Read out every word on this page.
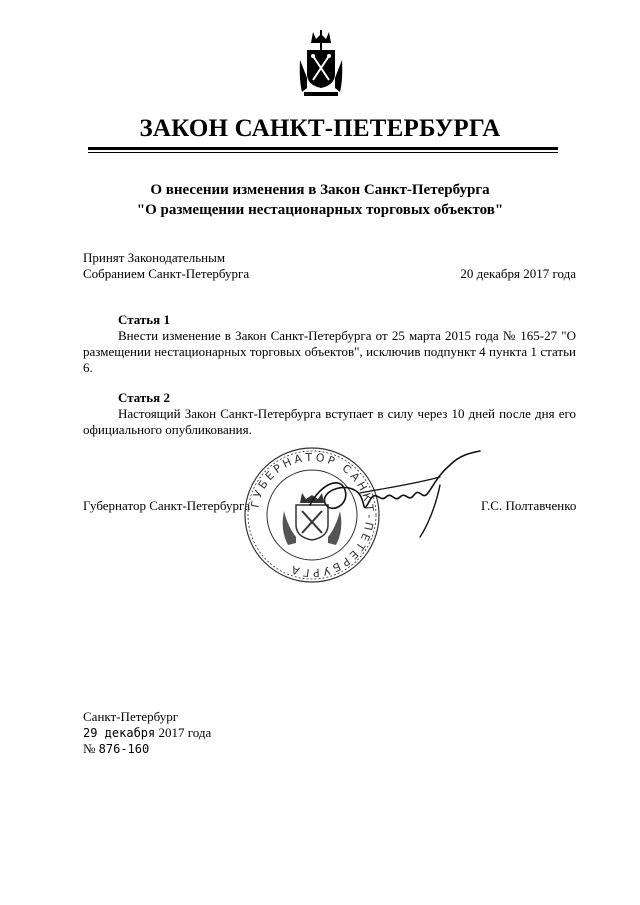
ЗАКОН САНКТ-ПЕТЕРБУРГА
О внесении изменения в Закон Санкт-Петербурга
"О размещении нестационарных торговых объектов"
Принят Законодательным
Собранием Санкт-Петербурга	20 декабря 2017 года
Статья 1
Внести изменение в Закон Санкт-Петербурга от 25 марта 2015 года № 165-27 "О размещении нестационарных торговых объектов", исключив подпункт 4 пункта 1 статьи 6.
Статья 2
Настоящий Закон Санкт-Петербурга вступает в силу через 10 дней после дня его официального опубликования.
Губернатор Санкт-Петербурга	Г.С. Полтавченко
ГУБЕРНАТОР САНКТ-ПЕТЕРБУРГА
Санкт-Петербург
29 декабря 2017 года
№ 876-160
